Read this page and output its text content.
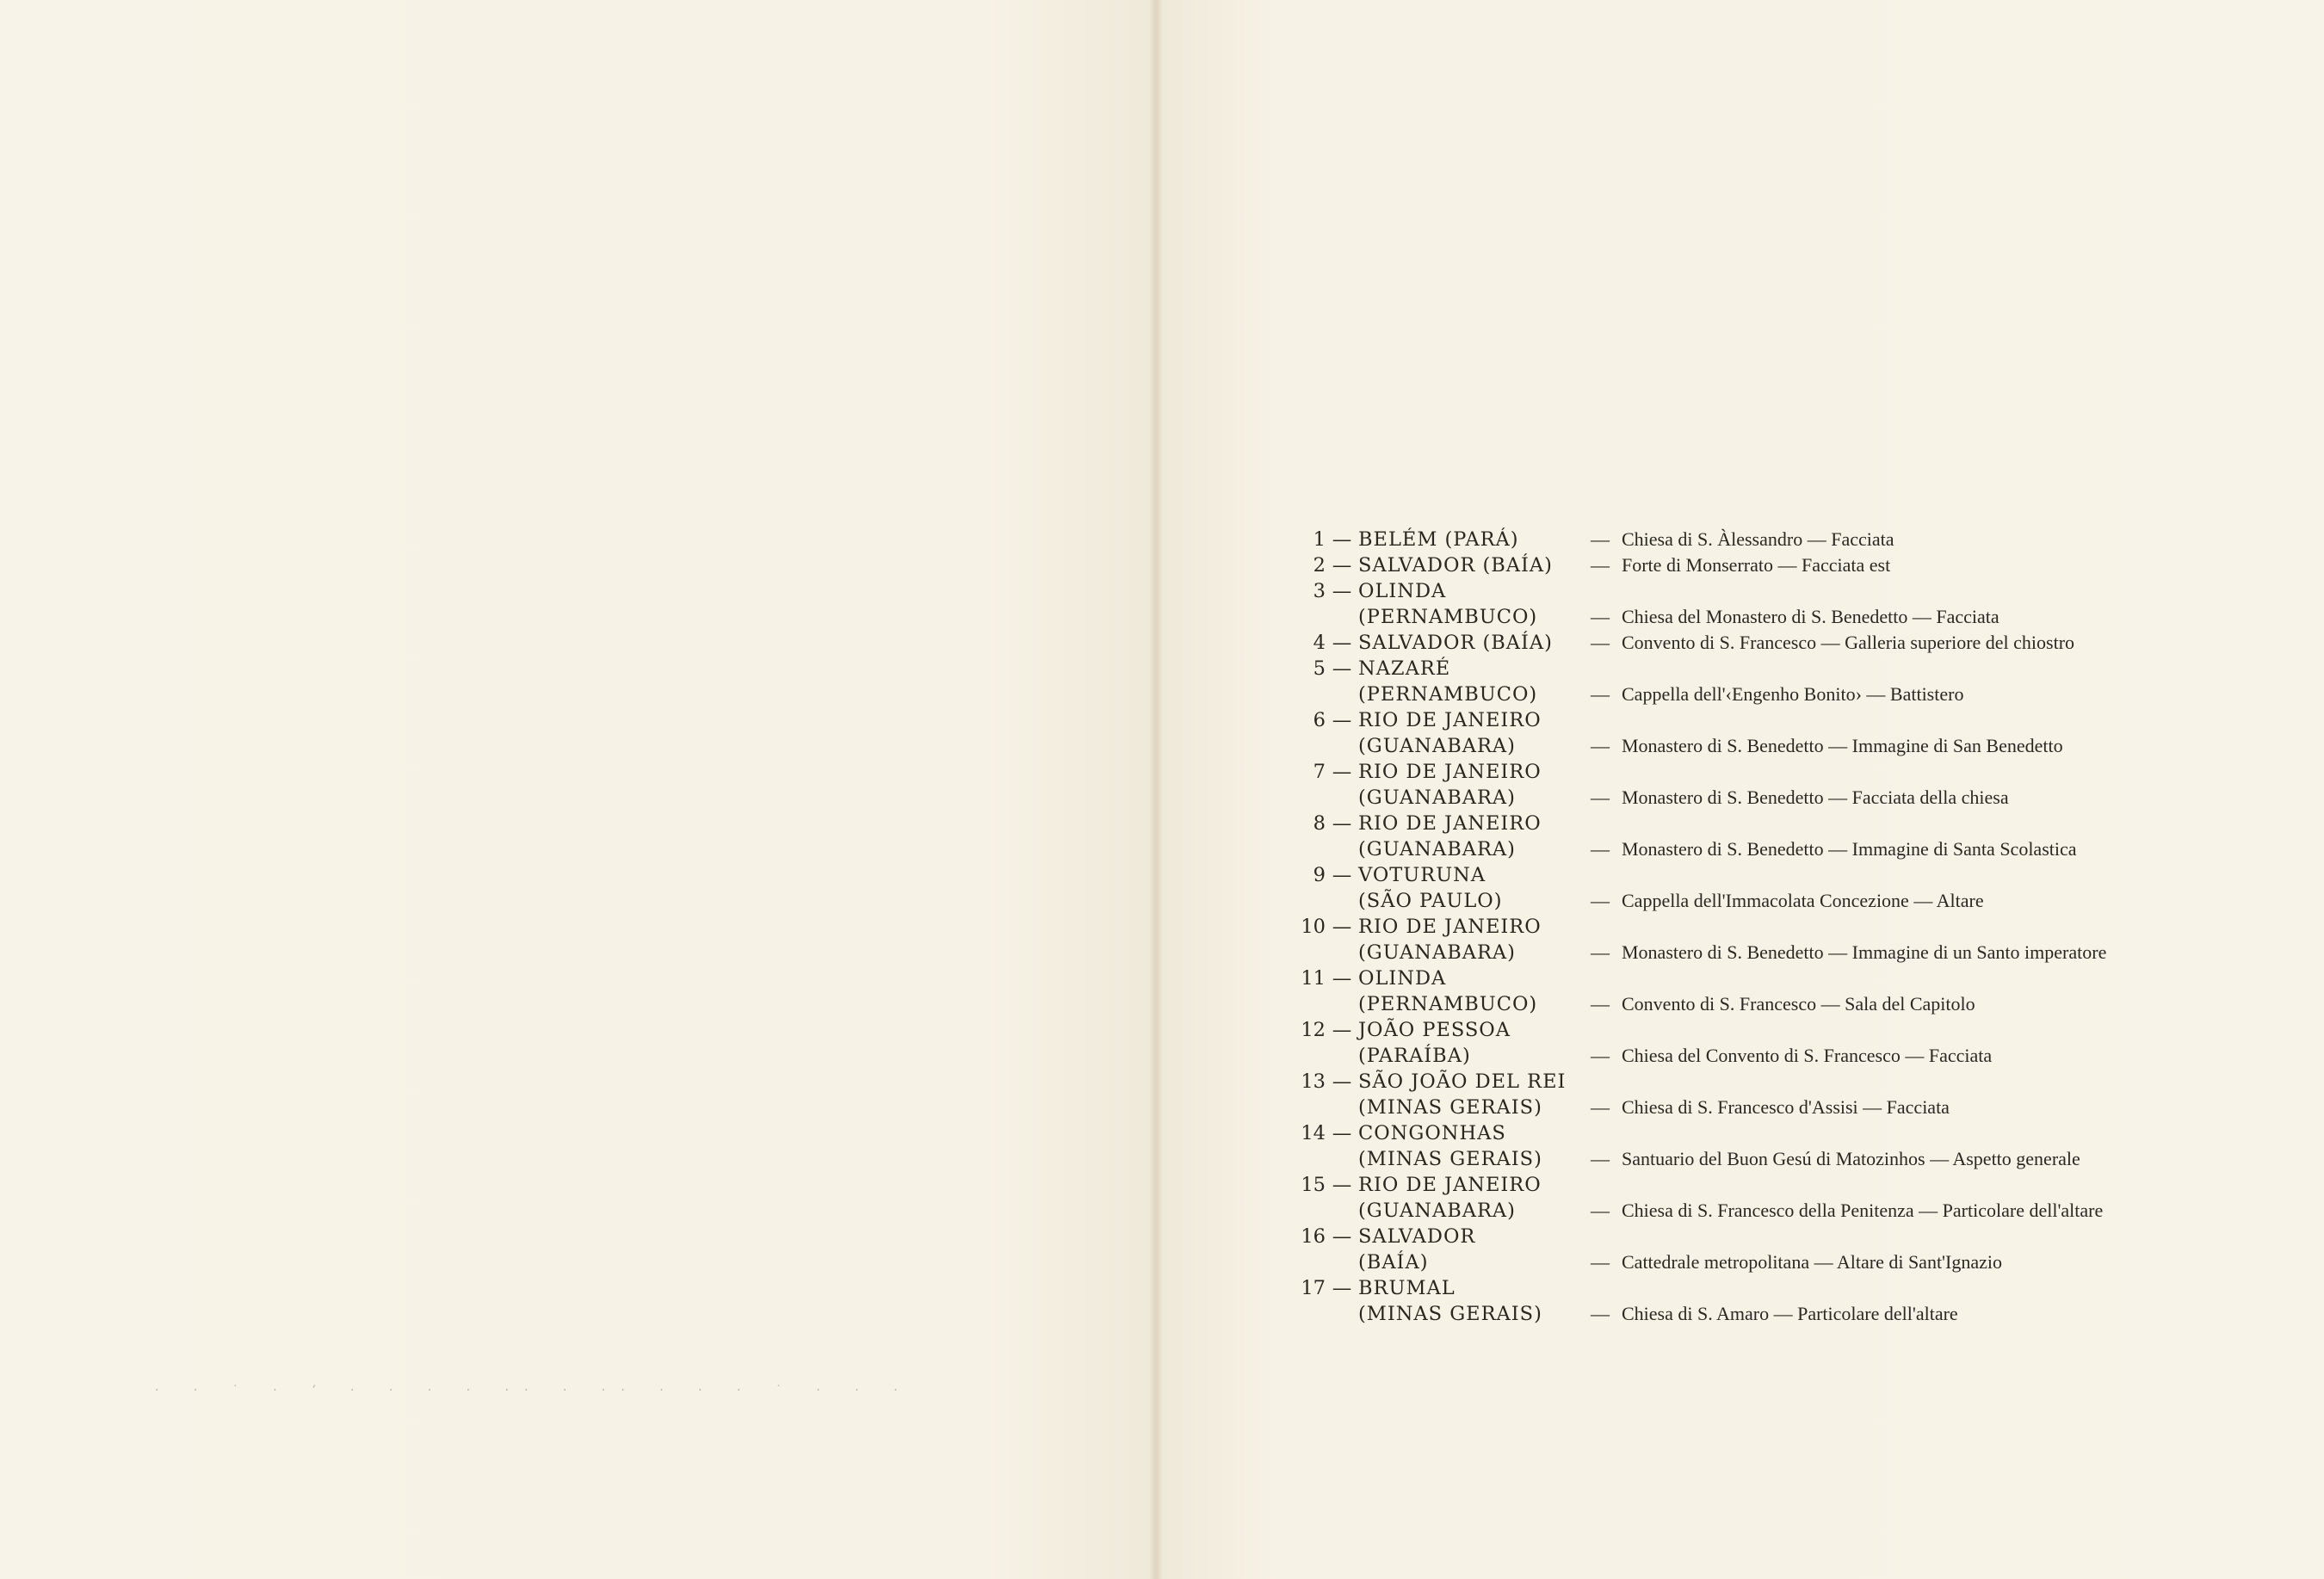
· · ˙ · ʼ · · · · ·· · ·· · · · ˙ · · ·
1 — BELÉM (PARÁ)	— Chiesa di S. Àlessandro — Facciata
2 — SALVADOR (BAÍA)	— Forte di Monserrato — Facciata est
3 — OLINDA
(PERNAMBUCO)	— Chiesa del Monastero di S. Benedetto — Facciata
4 — SALVADOR (BAÍA)	— Convento di S. Francesco — Galleria superiore del chiostro
5 — NAZARÉ
(PERNAMBUCO)	— Cappella dell'‹Engenho Bonito› — Battistero
6 — RIO DE JANEIRO
(GUANABARA)	— Monastero di S. Benedetto — Immagine di San Benedetto
7 — RIO DE JANEIRO
(GUANABARA)	— Monastero di S. Benedetto — Facciata della chiesa
8 — RIO DE JANEIRO
(GUANABARA)	— Monastero di S. Benedetto — Immagine di Santa Scolastica
9 — VOTURUNA
(SÃO PAULO)	— Cappella dell'Immacolata Concezione — Altare
10 — RIO DE JANEIRO
(GUANABARA)	— Monastero di S. Benedetto — Immagine di un Santo imperatore
11 — OLINDA
(PERNAMBUCO)	— Convento di S. Francesco — Sala del Capitolo
12 — JOÃO PESSOA
(PARAÍBA)	— Chiesa del Convento di S. Francesco — Facciata
13 — SÃO JOÃO DEL REI
(MINAS GERAIS)	— Chiesa di S. Francesco d'Assisi — Facciata
14 — CONGONHAS
(MINAS GERAIS)	— Santuario del Buon Gesú di Matozinhos — Aspetto generale
15 — RIO DE JANEIRO
(GUANABARA)	— Chiesa di S. Francesco della Penitenza — Particolare dell'altare
16 — SALVADOR
(BAÍA)	— Cattedrale metropolitana — Altare di Sant'Ignazio
17 — BRUMAL
(MINAS GERAIS)	— Chiesa di S. Amaro — Particolare dell'altare
